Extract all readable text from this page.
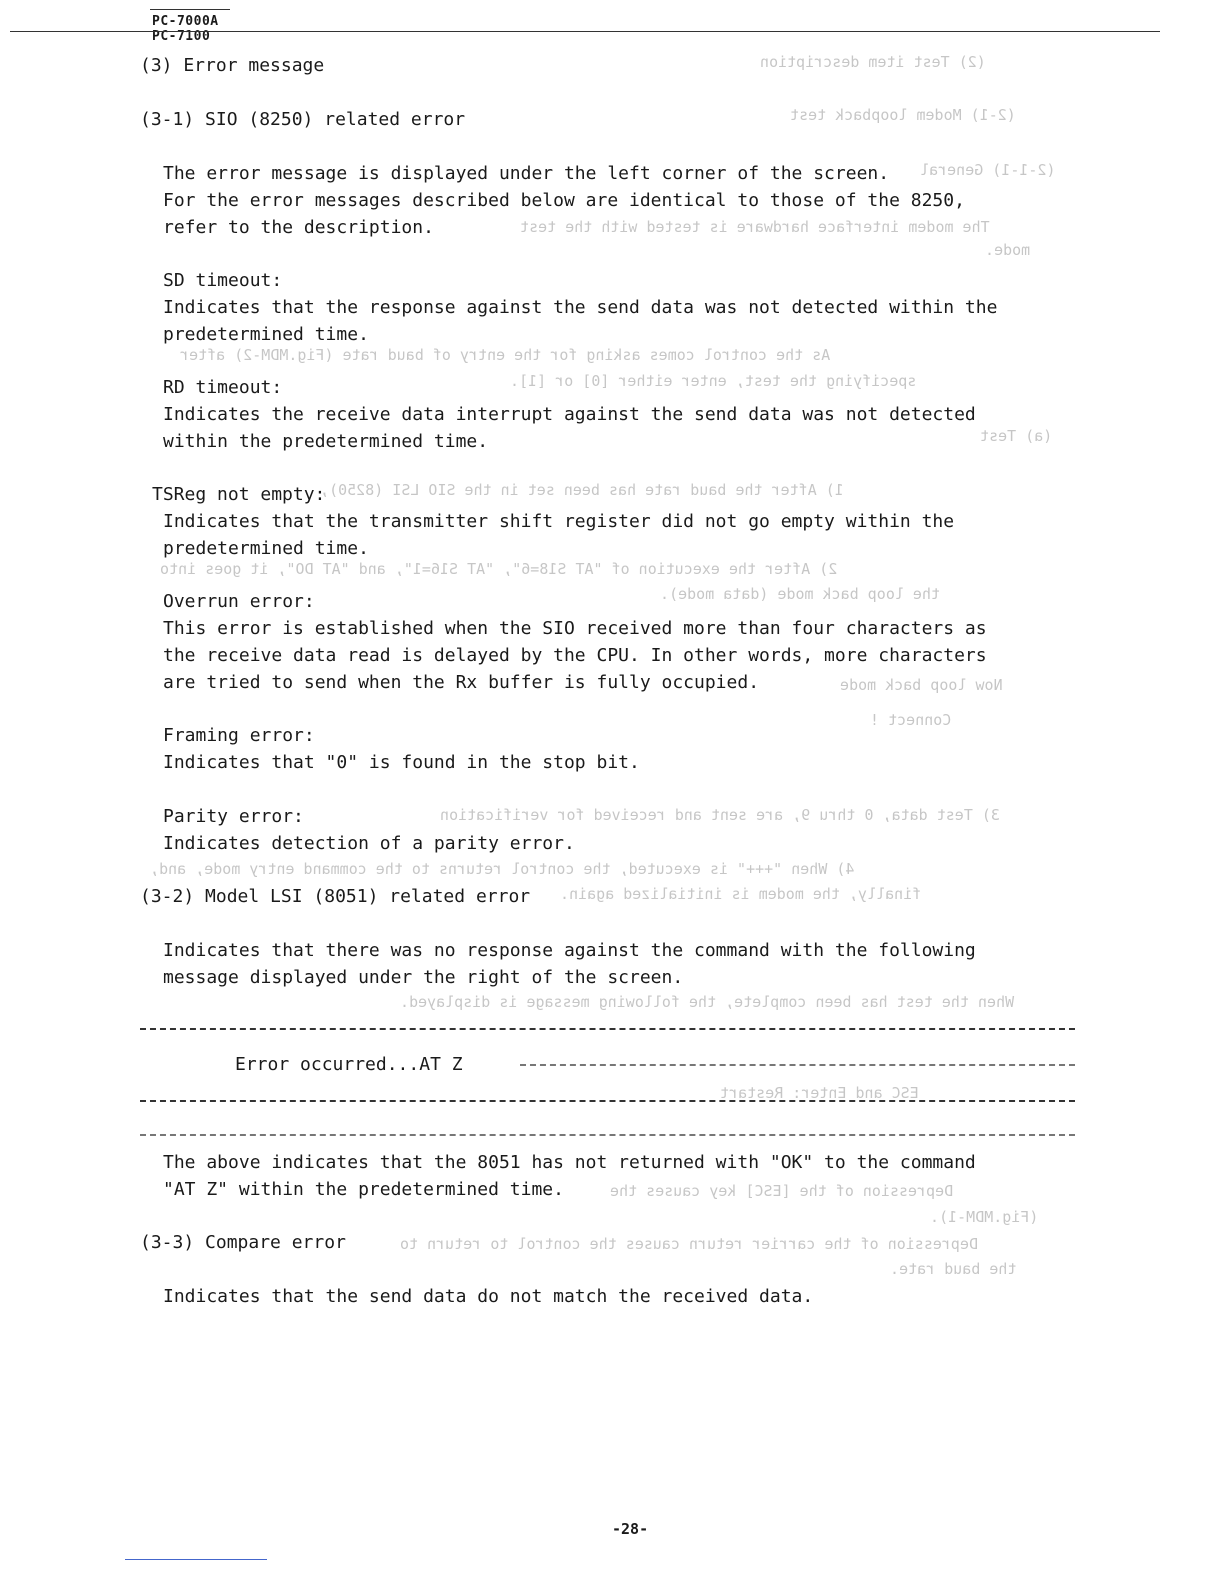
PC-7000A
PC-7100
(2) Test item description
(2-1) Modem loopback test
(2-1-1) General
The modem interface hardware is tested with the test
mode.
As the control comes asking for the entry of baud rate (Fig.MDM-2) after
specifying the test, enter either [0] or [1].
(a) Test
1) After the baud rate has been set in the SIO LSI (8250),
2) After the execution of "AT S18=6", "AT S16=1", and "AT DO", it goes into
the loop back mode (data mode).
Now loop back mode
Connect !
3) Test data, 0 thru 9, are sent and received for verification
4) When "+++" is executed, the control returns to the command entry mode, and,
finally, the modem is initialized again.
When the test has been complete, the following message is displayed.
ESC and Enter: Restart
Depression of the [ESC] key causes the
(Fig.MDM-1).
Depression of the carrier return causes the control to return to
the baud rate.
(3) Error message
(3-1) SIO (8250) related error
The error message is displayed under the left corner of the screen.
For the error messages described below are identical to those of the 8250,
refer to the description.
SD timeout:
Indicates that the response against the send data was not detected within the
predetermined time.
RD timeout:
Indicates the receive data interrupt against the send data was not detected
within the predetermined time.
TSReg not empty:
Indicates that the transmitter shift register did not go empty within the
predetermined time.
Overrun error:
This error is established when the SIO received more than four characters as
the receive data read is delayed by the CPU. In other words, more characters
are tried to send when the Rx buffer is fully occupied.
Framing error:
Indicates that "0" is found in the stop bit.
Parity error:
Indicates detection of a parity error.
(3-2) Model LSI (8051) related error
Indicates that there was no response against the command with the following
message displayed under the right of the screen.
Error occurred...AT Z
The above indicates that the 8051 has not returned with "OK" to the command
"AT Z" within the predetermined time.
(3-3) Compare error
Indicates that the send data do not match the received data.
-28-
